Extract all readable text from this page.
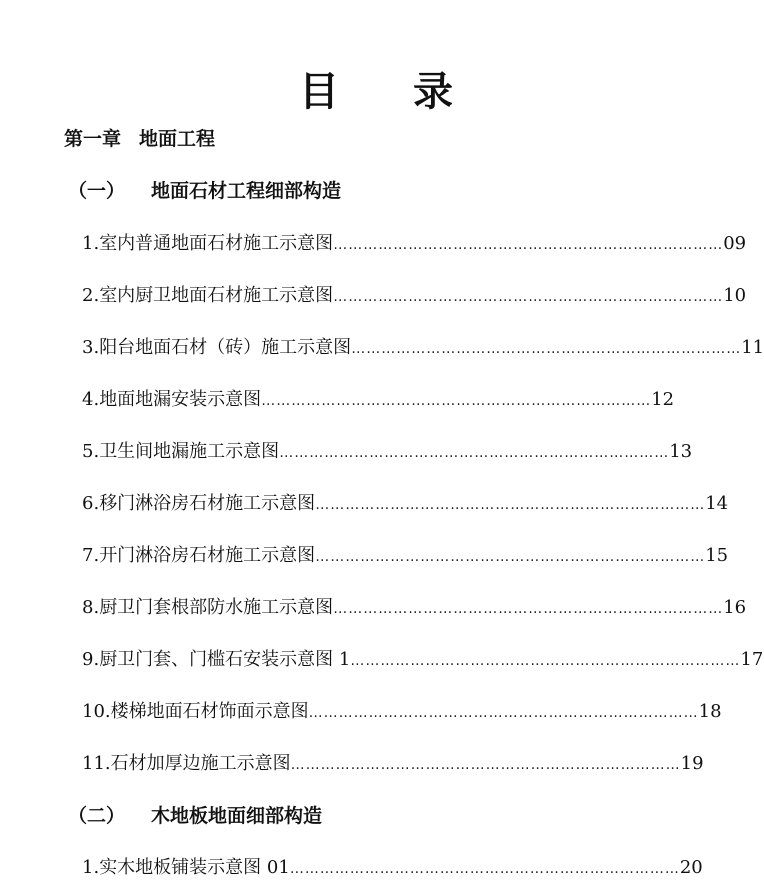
目 录
第一章 地面工程
（一） 地面石材工程细部构造
1. 室内普通地面石材施工示意图 …………………………………………………………………… 09
2. 室内厨卫地面石材施工示意图 …………………………………………………………………… 10
3. 阳台地面石材（砖）施工示意图 …………………………………………………………………… 11
4. 地面地漏安装示意图 …………………………………………………………………… 12
5. 卫生间地漏施工示意图 …………………………………………………………………… 13
6. 移门淋浴房石材施工示意图 …………………………………………………………………… 14
7. 开门淋浴房石材施工示意图 …………………………………………………………………… 15
8. 厨卫门套根部防水施工示意图 …………………………………………………………………… 16
9. 厨卫门套、门槛石安装示意图 1 …………………………………………………………………… 17
10. 楼梯地面石材饰面示意图 …………………………………………………………………… 18
11. 石材加厚边施工示意图 …………………………………………………………………… 19
（二） 木地板地面细部构造
1. 实木地板铺装示意图 01 …………………………………………………………………… 20
